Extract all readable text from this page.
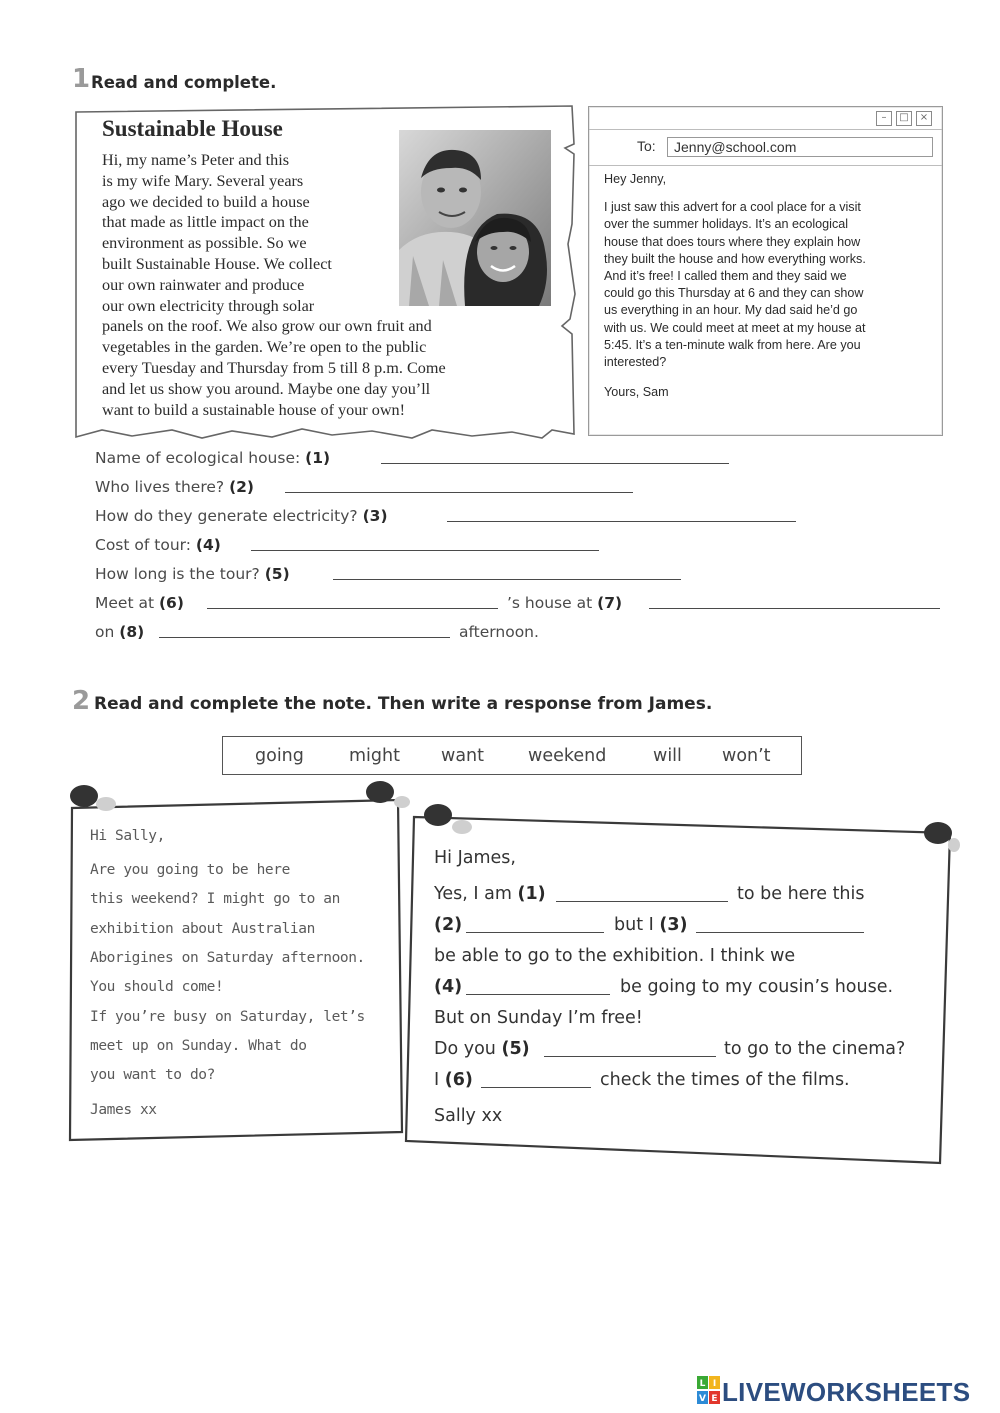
1 Read and complete.
Sustainable House
Hi, my name’s Peter and this
is my wife Mary. Several years
ago we decided to build a house
that made as little impact on the
environment as possible. So we
built Sustainable House. We collect
our own rainwater and produce
our own electricity through solar
panels on the roof. We also grow our own fruit and
vegetables in the garden. We’re open to the public
every Tuesday and Thursday from 5 till 8 p.m. Come
and let us show you around. Maybe one day you’ll
want to build a sustainable house of your own!
–	□	×
To:	Jenny@school.com
Hey Jenny,
I just saw this advert for a cool place for a visit
over the summer holidays. It’s an ecological
house that does tours where they explain how
they built the house and how everything works.
And it’s free! I called them and they said we
could go this Thursday at 6 and they can show
us everything in an hour. My dad said he’d go
with us. We could meet at meet at my house at
5:45. It’s a ten-minute walk from here. Are you
interested?
Yours, Sam
Name of ecological house: (1)
Who lives there? (2)
How do they generate electricity? (3)
Cost of tour: (4)
How long is the tour? (5)
Meet at (6)	’s house at (7)
on (8)	afternoon.
2 Read and complete the note. Then write a response from James.
going	might want	weekend	will won’t
Hi Sally,
Are you going to be here
this weekend? I might go to an
exhibition about Australian
Aborigines on Saturday afternoon.
You should come!
If you’re busy on Saturday, let’s
meet up on Sunday. What do
you want to do?
James xx
Hi James,
Yes, I am (1)	to be here this
(2)	but I (3)
be able to go to the exhibition. I think we
(4)	be going to my cousin’s house.
But on Sunday I’m free!
Do you (5)	to go to the cinema?
I (6)	check the times of the films.
Sally xx
L I
V E LIVEWORKSHEETS
